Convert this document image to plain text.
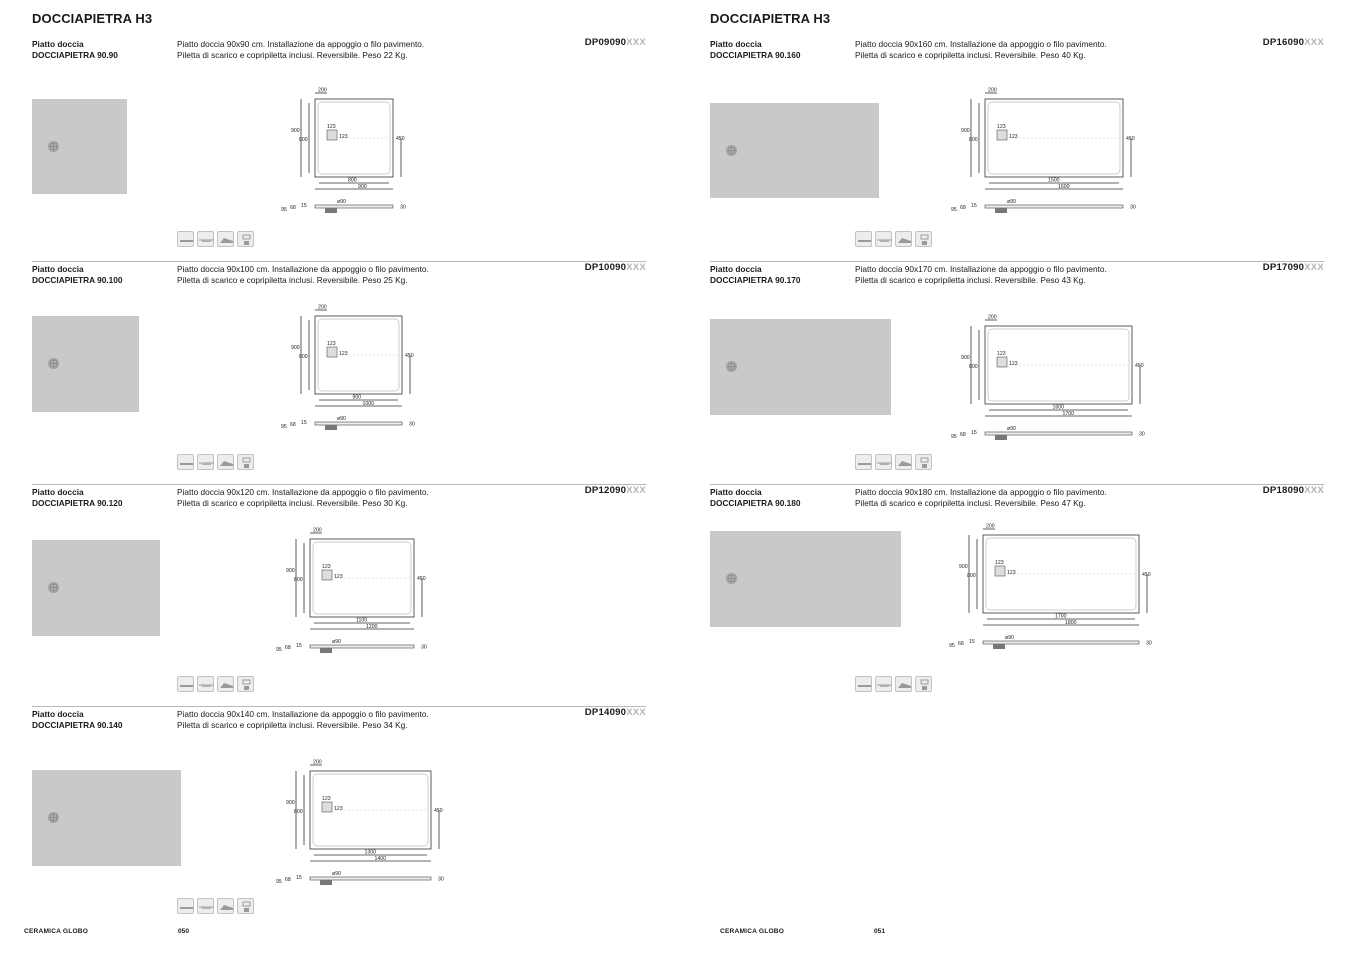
DOCCIAPIETRA H3
Piatto doccia
DOCCIAPIETRA 90.90
Piatto doccia 90x90 cm. Installazione da appoggio o filo pavimento.
Piletta di scarico e copripiletta inclusi. Reversibile. Peso 22 Kg.
DP09090XXX
123
123
200
900
800	450
800
900
ø90
30
95 68 15
Piatto doccia
DOCCIAPIETRA 90.100
Piatto doccia 90x100 cm. Installazione da appoggio o filo pavimento.
Piletta di scarico e copripiletta inclusi. Reversibile. Peso 25 Kg.
DP10090XXX
123
123
200
900
800	450
900
1000
ø90
30
95 68 15
Piatto doccia
DOCCIAPIETRA 90.120
Piatto doccia 90x120 cm. Installazione da appoggio o filo pavimento.
Piletta di scarico e copripiletta inclusi. Reversibile. Peso 30 Kg.
DP12090XXX
123
123
200
900
800	450
1100
1200
ø90
30
95 68 15
Piatto doccia
DOCCIAPIETRA 90.140
Piatto doccia 90x140 cm. Installazione da appoggio o filo pavimento.
Piletta di scarico e copripiletta inclusi. Reversibile. Peso 34 Kg.
DP14090XXX
123
123
200
900
800	450
1300
1400
ø90
30
95 68 15
CERAMICA GLOBO	050
DOCCIAPIETRA H3
Piatto doccia
DOCCIAPIETRA 90.160
Piatto doccia 90x160 cm. Installazione da appoggio o filo pavimento.
Piletta di scarico e copripiletta inclusi. Reversibile. Peso 40 Kg.
DP16090XXX
123
123
200
900
800	450
1500
1600
ø90
30
95 68 15
Piatto doccia
DOCCIAPIETRA 90.170
Piatto doccia 90x170 cm. Installazione da appoggio o filo pavimento.
Piletta di scarico e copripiletta inclusi. Reversibile. Peso 43 Kg.
DP17090XXX
123
123
200
900
800	450
1600
1700
ø90
30
95 68 15
Piatto doccia
DOCCIAPIETRA 90.180
Piatto doccia 90x180 cm. Installazione da appoggio o filo pavimento.
Piletta di scarico e copripiletta inclusi. Reversibile. Peso 47 Kg.
DP18090XXX
123
123
200
900
800	450
1700
1800
ø90
30
95 68 15
CERAMICA GLOBO	051
